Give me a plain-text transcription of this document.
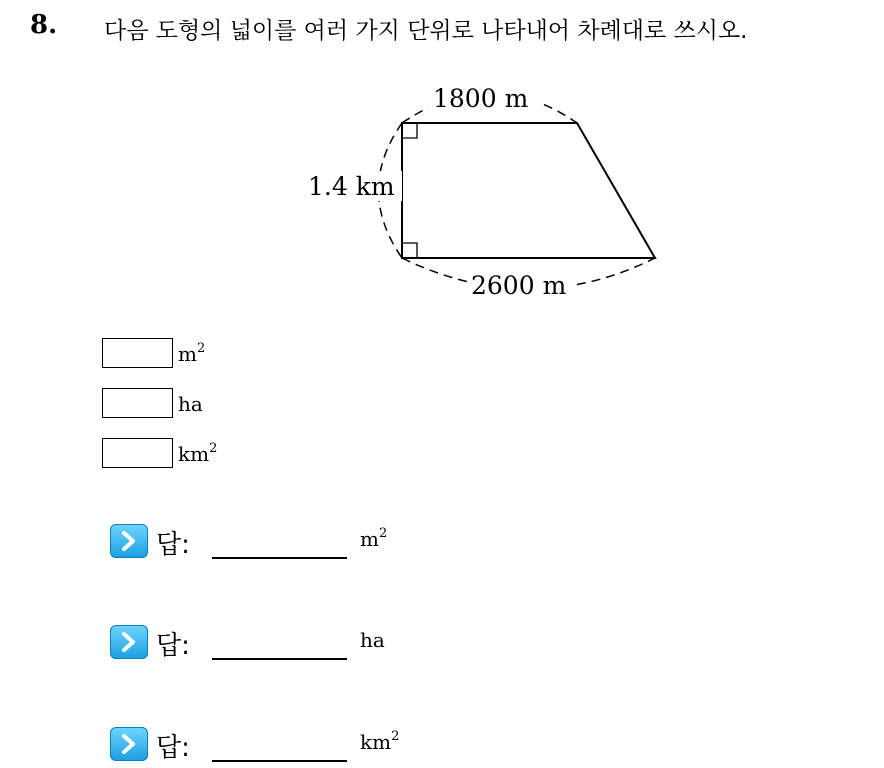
8. 다음 도형의 넓이를 여러 가지 단위로 나타내어 차례대로 쓰시오.
1800 m
1.4 km
2600 m
$m^2$
ha
$km^2$
답:	$m^2$
답:	ha
답:	$km^2$
